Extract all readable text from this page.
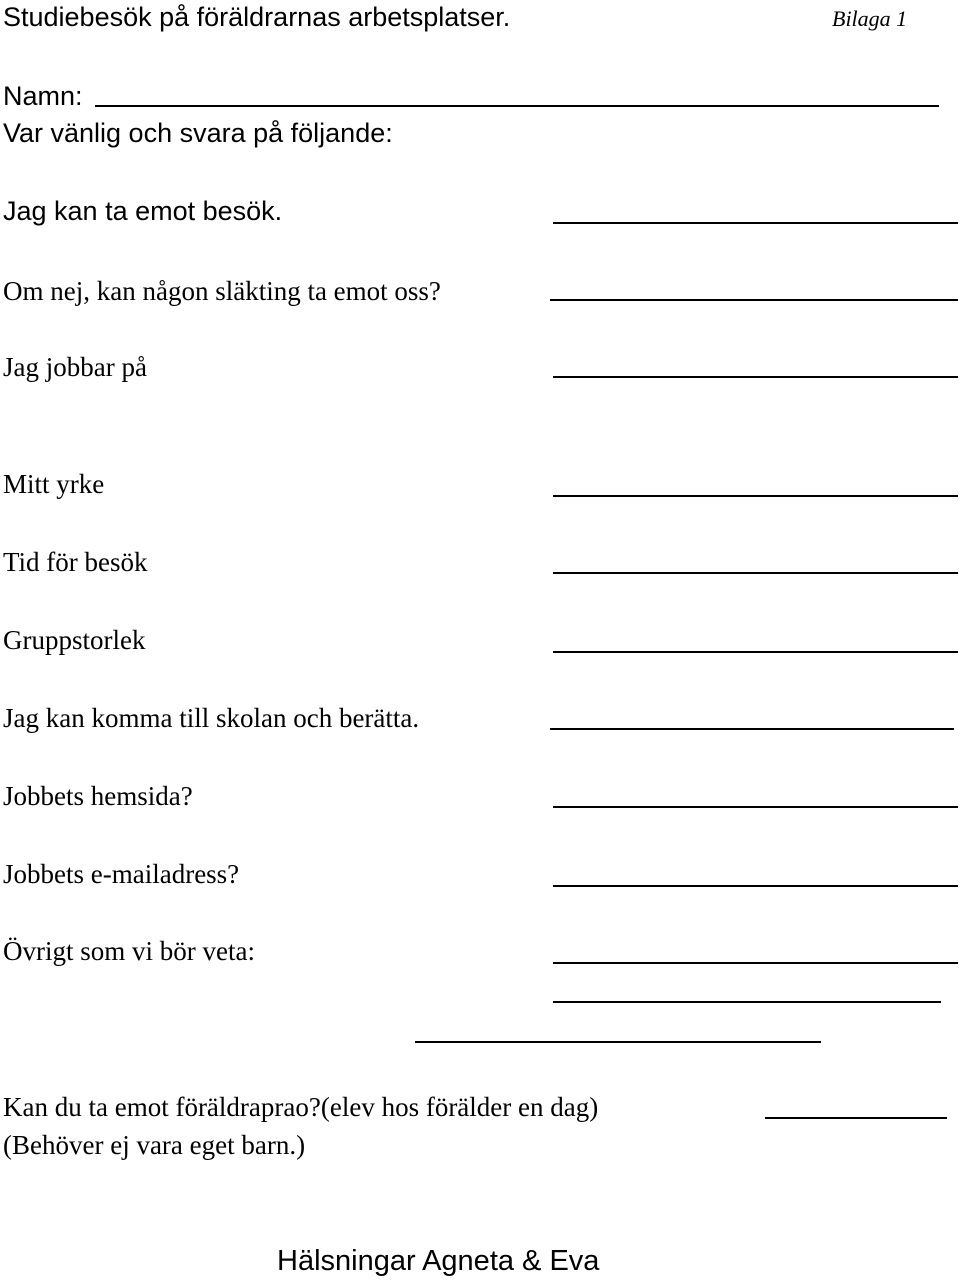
Studiebesök på föräldrarnas arbetsplatser.	Bilaga 1
Namn:
Var vänlig och svara på följande:
Jag kan ta emot besök.
Om nej, kan någon släkting ta emot oss?
Jag jobbar på
Mitt yrke
Tid för besök
Gruppstorlek
Jag kan komma till skolan och berätta.
Jobbets hemsida?
Jobbets e-mailadress?
Övrigt som vi bör veta:
Kan du ta emot föräldraprao?(elev hos förälder en dag)
(Behöver ej vara eget barn.)
Hälsningar Agneta & Eva
